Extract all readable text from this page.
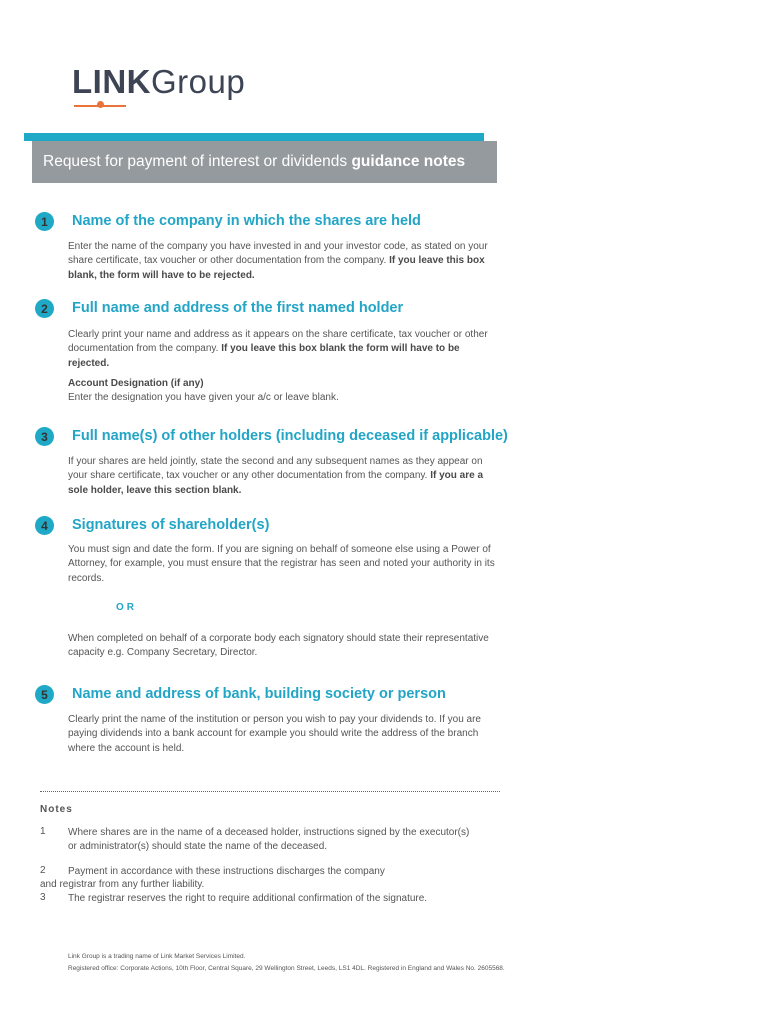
LINKGroup
Request for payment of interest or dividends guidance notes
1	Name of the company in which the shares are held
Enter the name of the company you have invested in and your investor code, as stated on your share certificate, tax voucher or other documentation from the company. If you leave this box blank, the form will have to be rejected.
2	Full name and address of the first named holder
Clearly print your name and address as it appears on the share certificate, tax voucher or other documentation from the company. If you leave this box blank the form will have to be rejected.
Account Designation (if any)
Enter the designation you have given your a/c or leave blank.
3	Full name(s) of other holders (including deceased if applicable)
If your shares are held jointly, state the second and any subsequent names as they appear on your share certificate, tax voucher or any other documentation from the company. If you are a sole holder, leave this section blank.
4	Signatures of shareholder(s)
You must sign and date the form. If you are signing on behalf of someone else using a Power of Attorney, for example, you must ensure that the registrar has seen and noted your authority in its records.
OR
When completed on behalf of a corporate body each signatory should state their representative capacity e.g. Company Secretary, Director.
5	Name and address of bank, building society or person
Clearly print the name of the institution or person you wish to pay your dividends to. If you are paying dividends into a bank account for example you should write the address of the branch where the account is held.
Notes
1 Where shares are in the name of a deceased holder, instructions signed by the executor(s) or administrator(s) should state the name of the deceased.
2 Payment in accordance with these instructions discharges the company
and registrar from any further liability.
3 The registrar reserves the right to require additional confirmation of the signature.
Link Group is a trading name of Link Market Services Limited.
Registered office: Corporate Actions, 10th Floor, Central Square, 29 Wellington Street, Leeds, LS1 4DL. Registered in England and Wales No. 2605568.
